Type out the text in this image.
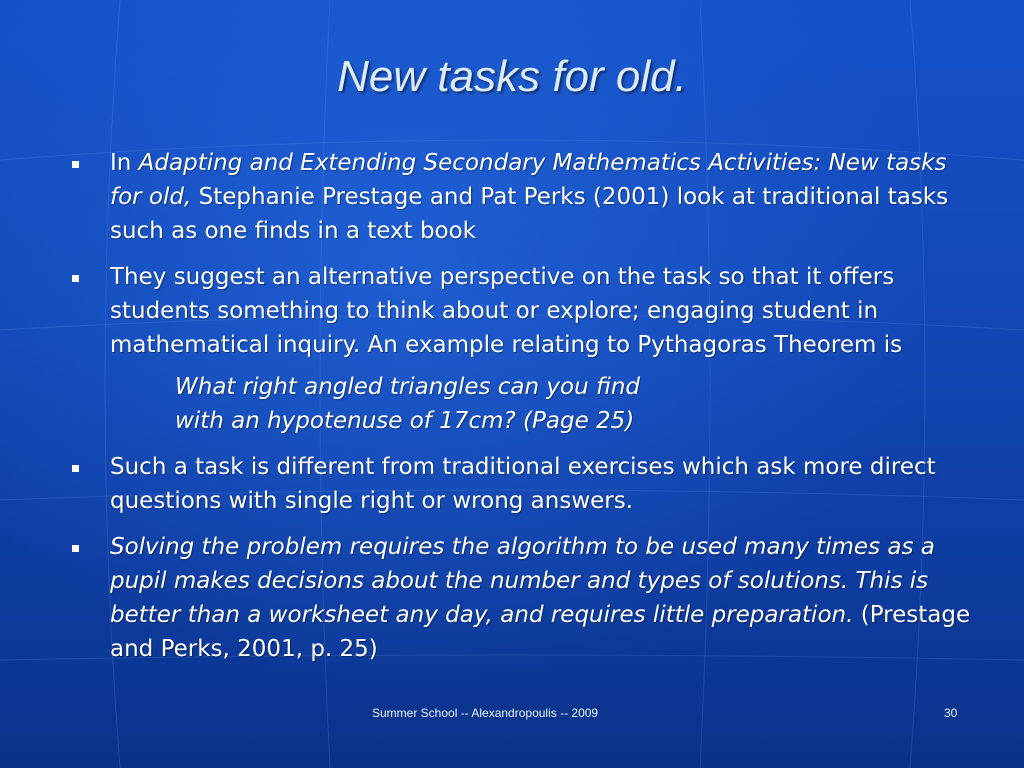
New tasks for old.
In Adapting and Extending Secondary Mathematics Activities: New tasks for old, Stephanie Prestage and Pat Perks (2001) look at traditional tasks such as one finds in a text book
They suggest an alternative perspective on the task so that it offers students something to think about or explore; engaging student in mathematical inquiry. An example relating to Pythagoras Theorem is
What right angled triangles can you find
with an hypotenuse of 17cm? (Page 25)
Such a task is different from traditional exercises which ask more direct questions with single right or wrong answers.
Solving the problem requires the algorithm to be used many times as a pupil makes decisions about the number and types of solutions. This is better than a worksheet any day, and requires little preparation. (Prestage and Perks, 2001, p. 25)
Summer School -- Alexandropoulis -- 2009	30
